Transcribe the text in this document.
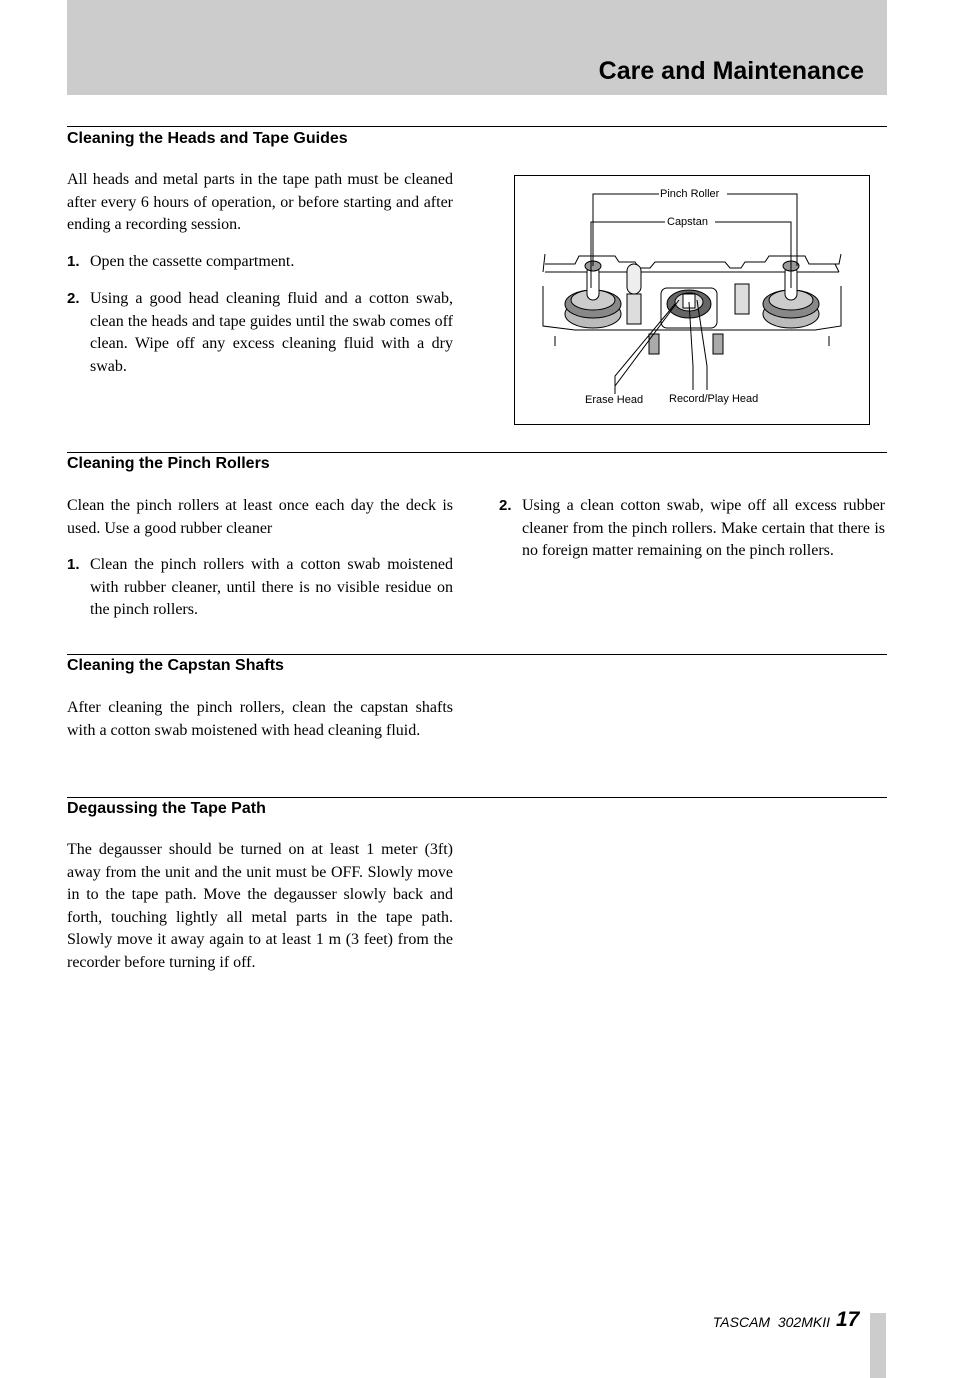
Care and Maintenance
Cleaning the Heads and Tape Guides
All heads and metal parts in the tape path must be cleaned after every 6 hours of operation, or before starting and after ending a recording session.
1. Open the cassette compartment.
2. Using a good head cleaning fluid and a cotton swab, clean the heads and tape guides until the swab comes off clean. Wipe off any excess cleaning fluid with a dry swab.
Pinch Roller
Capstan
Erase Head Record/Play Head
Cleaning the Pinch Rollers
Clean the pinch rollers at least once each day the deck is used. Use a good rubber cleaner
1. Clean the pinch rollers with a cotton swab moistened with rubber cleaner, until there is no visible residue on the pinch rollers.
2. Using a clean cotton swab, wipe off all excess rubber cleaner from the pinch rollers. Make certain that there is no foreign matter remaining on the pinch rollers.
Cleaning the Capstan Shafts
After cleaning the pinch rollers, clean the capstan shafts with a cotton swab moistened with head cleaning fluid.
Degaussing the Tape Path
The degausser should be turned on at least 1 meter (3ft) away from the unit and the unit must be OFF. Slowly move in to the tape path. Move the degausser slowly back and forth, touching lightly all metal parts in the tape path. Slowly move it away again to at least 1 m (3 feet) from the recorder before turning if off.
TASCAM  302MKII 17
